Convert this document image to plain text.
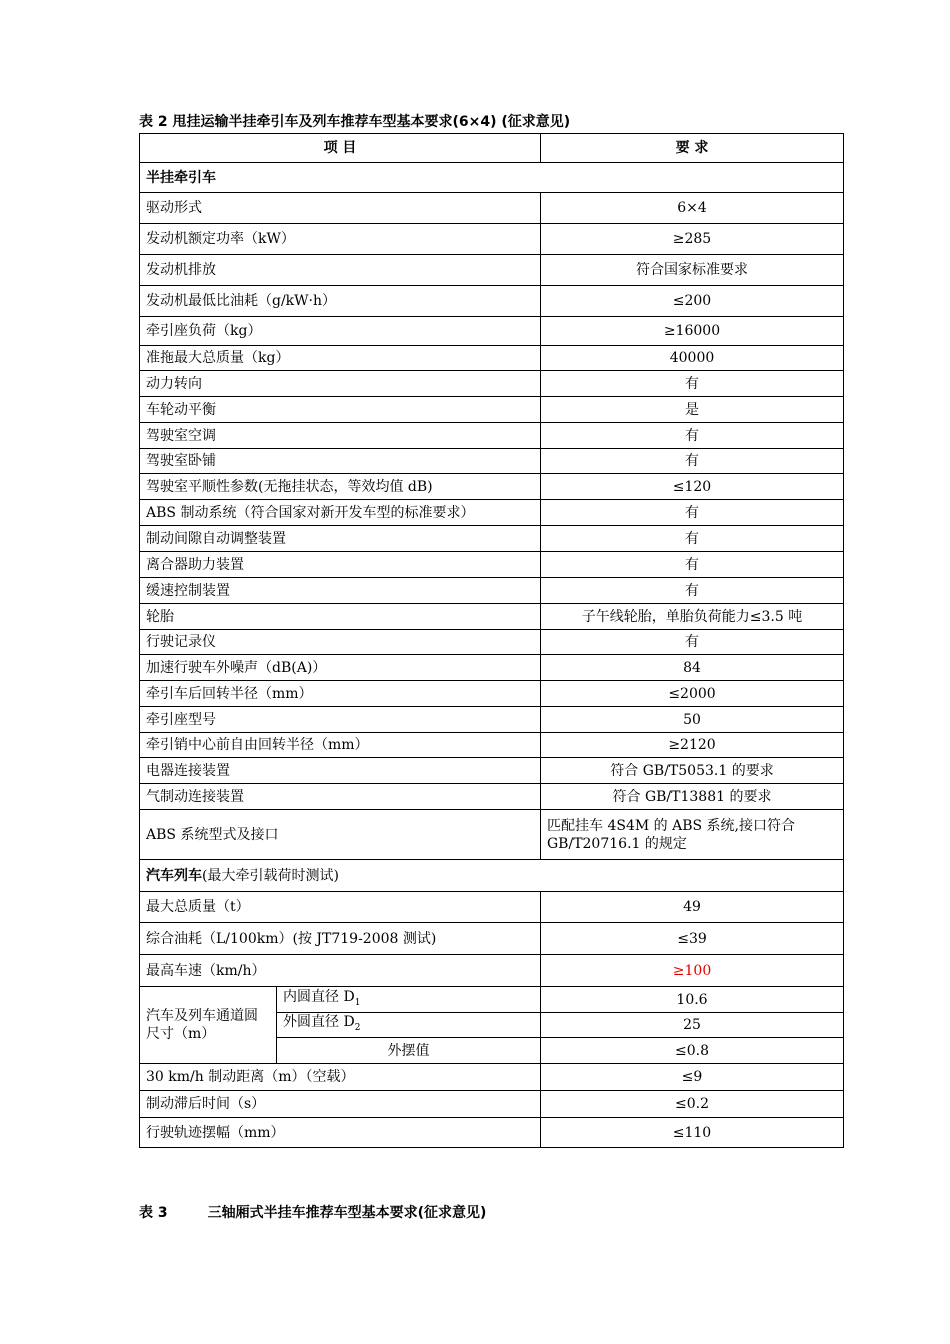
表 2 甩挂运输半挂牵引车及列车推荐车型基本要求(6×4) (征求意见)
项 目		要 求
半挂牵引车		
驱动形式		6×4
发动机额定功率（kW）		≥285
发动机排放		符合国家标准要求
发动机最低比油耗（g/kW·h）		≤200
牵引座负荷（kg）		≥16000
准拖最大总质量（kg）		40000
动力转向		有
车轮动平衡		是
驾驶室空调		有
驾驶室卧铺		有
驾驶室平顺性参数(无拖挂状态，等效均值 dB)		≤120
ABS 制动系统（符合国家对新开发车型的标准要求）		有
制动间隙自动调整装置		有
离合器助力装置		有
缓速控制装置		有
轮胎		子午线轮胎，单胎负荷能力≤3.5 吨
行驶记录仪		有
加速行驶车外噪声（dB(A)）		84
牵引车后回转半径（mm）		≤2000
牵引座型号		50
牵引销中心前自由回转半径（mm）		≥2120
电器连接装置		符合 GB/T5053.1 的要求
气制动连接装置		符合 GB/T13881 的要求
ABS 系统型式及接口		匹配挂车 4S4M 的 ABS 系统,接口符合 GB/T20716.1 的规定
汽车列车(最大牵引载荷时测试)		
最大总质量（t）		49
综合油耗（L/100km）(按 JT719-2008 测试)		≤39
最高车速（km/h）		≥100
汽车及列车通道圆尺寸（m）	内圆直径 $D_1$	10.6
	外圆直径 $D_2$	25
	外摆值	≤0.8
30 km/h 制动距离（m）（空载）		≤9
制动滞后时间（s）		≤0.2
行驶轨迹摆幅（mm）		≤110
表 3	三轴厢式半挂车推荐车型基本要求(征求意见)
